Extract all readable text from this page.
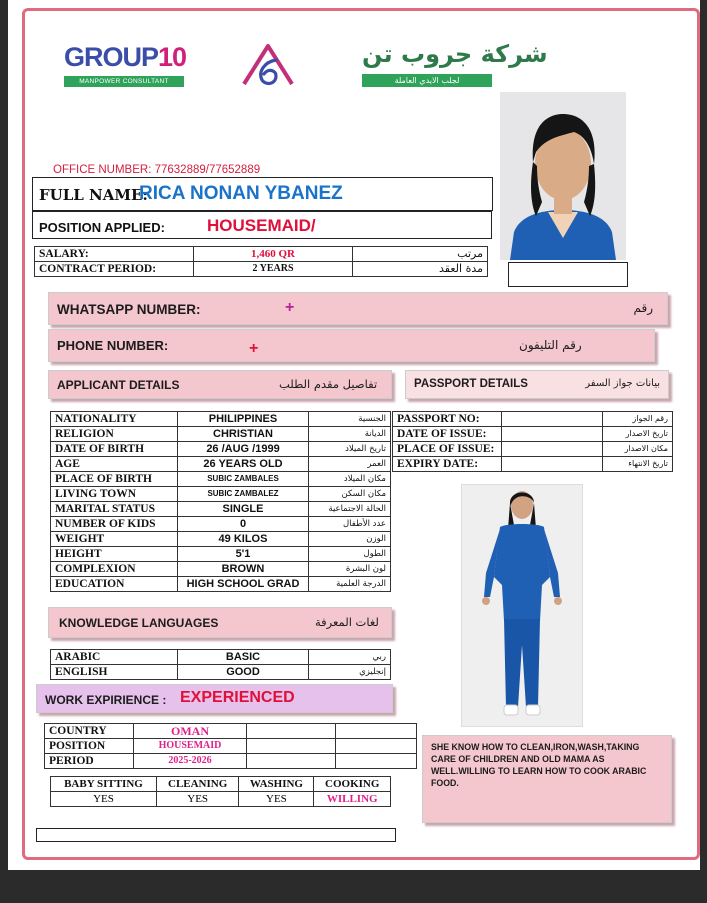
GROUP10
MANPOWER CONSULTANT
شركة جروب تن
لجلب الايدي العاملة
OFFICE NUMBER: 77632889/77652889
FULL NAME:
RICA NONAN YBANEZ
POSITION APPLIED: HOUSEMAID/
SALARY:	1,460 QR	مرتب
CONTRACT PERIOD:	2 YEARS	مدة العقد
WHATSAPP NUMBER:	+	رقم
PHONE NUMBER:	+	رقم التليفون
APPLICANT DETAILS	تفاصيل مقدم الطلب	PASSPORT DETAILS	بيانات جواز السفر
NATIONALITY	PHILIPPINES	الجنسية
RELIGION	CHRISTIAN	الديانة
DATE OF BIRTH	26 /AUG /1999	تاريخ الميلاد
AGE	26 YEARS OLD	العمر
PLACE OF BIRTH	SUBIC ZAMBALES	مكان الميلاد
LIVING TOWN	SUBIC ZAMBALEZ	مكان السكن
MARITAL STATUS	SINGLE	الحالة الاجتماعية
NUMBER OF KIDS	0	عدد الأطفال
WEIGHT	49 KILOS	الوزن
HEIGHT	5'1	الطول
COMPLEXION	BROWN	لون البشرة
EDUCATION	HIGH SCHOOL GRAD	الدرجة العلمية
PASSPORT NO:		رقم الجواز
DATE OF ISSUE:		تاريخ الاصدار
PLACE OF ISSUE:		مكان الاصدار
EXPIRY DATE:		تاريخ الانتهاء
KNOWLEDGE LANGUAGES	لغات المعرفة
ARABIC	BASIC	ربي
ENGLISH	GOOD	إنجليزي
WORK EXPIRIENCE : EXPERIENCED
COUNTRY	OMAN		
POSITION	HOUSEMAID		
PERIOD	2025-2026		
BABY SITTING	CLEANING	WASHING	COOKING
YES	YES	YES	WILLING
SHE KNOW HOW TO CLEAN,IRON,WASH,TAKING CARE OF CHILDREN AND OLD MAMA AS WELL.WILLING TO LEARN HOW TO COOK ARABIC FOOD.
